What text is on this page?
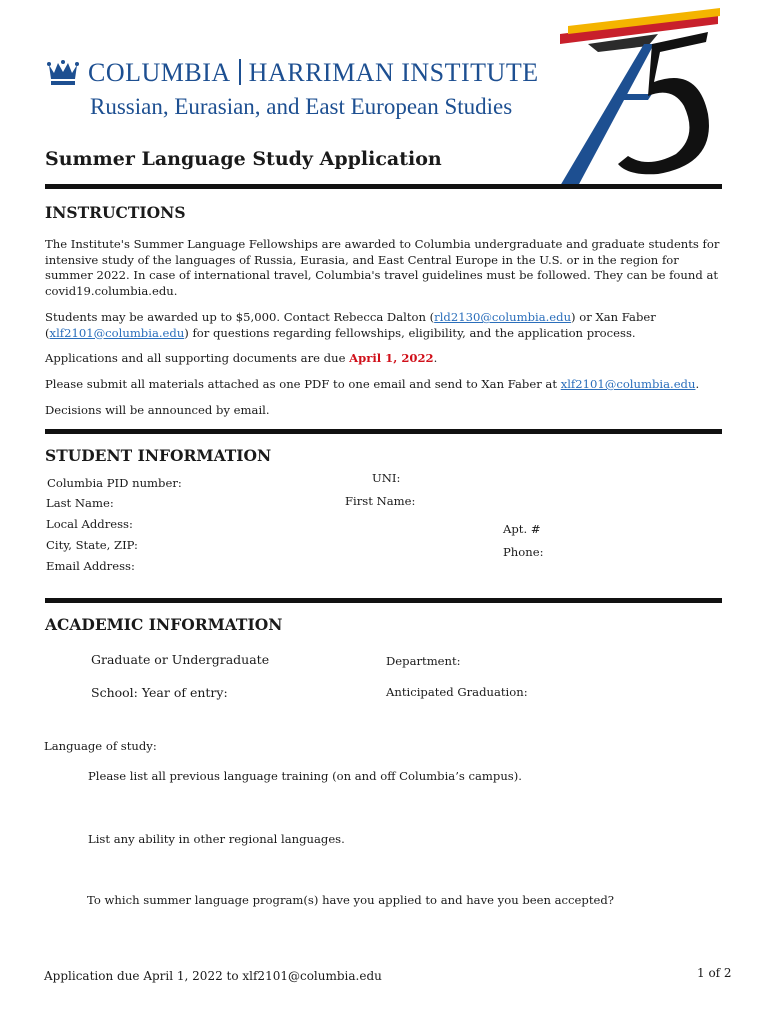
COLUMBIA HARRIMAN INSTITUTE
Russian, Eurasian, and East European Studies
Summer Language Study Application
INSTRUCTIONS
The Institute's Summer Language Fellowships are awarded to Columbia undergraduate and graduate students for intensive study of the languages of Russia, Eurasia, and East Central Europe in the U.S. or in the region for summer 2022. In case of international travel, Columbia's travel guidelines must be followed. They can be found at covid19.columbia.edu.
Students may be awarded up to $5,000. Contact Rebecca Dalton (rld2130@columbia.edu) or Xan Faber
(xlf2101@columbia.edu) for questions regarding fellowships, eligibility, and the application process.
Applications and all supporting documents are due April 1, 2022.
Please submit all materials attached as one PDF to one email and send to Xan Faber at xlf2101@columbia.edu.
Decisions will be announced by email.
STUDENT INFORMATION
Columbia PID number:	UNI:
Last Name:	First Name:
Local Address:	Apt. #
City, State, ZIP:	Phone:
Email Address:
ACADEMIC INFORMATION
Graduate or Undergraduate	Department:
School: Year of entry:	Anticipated Graduation:
Language of study:
Please list all previous language training (on and off Columbia’s campus).
List any ability in other regional languages.
To which summer language program(s) have you applied to and have you been accepted?
Application due April 1, 2022 to xlf2101@columbia.edu	1 of 2
